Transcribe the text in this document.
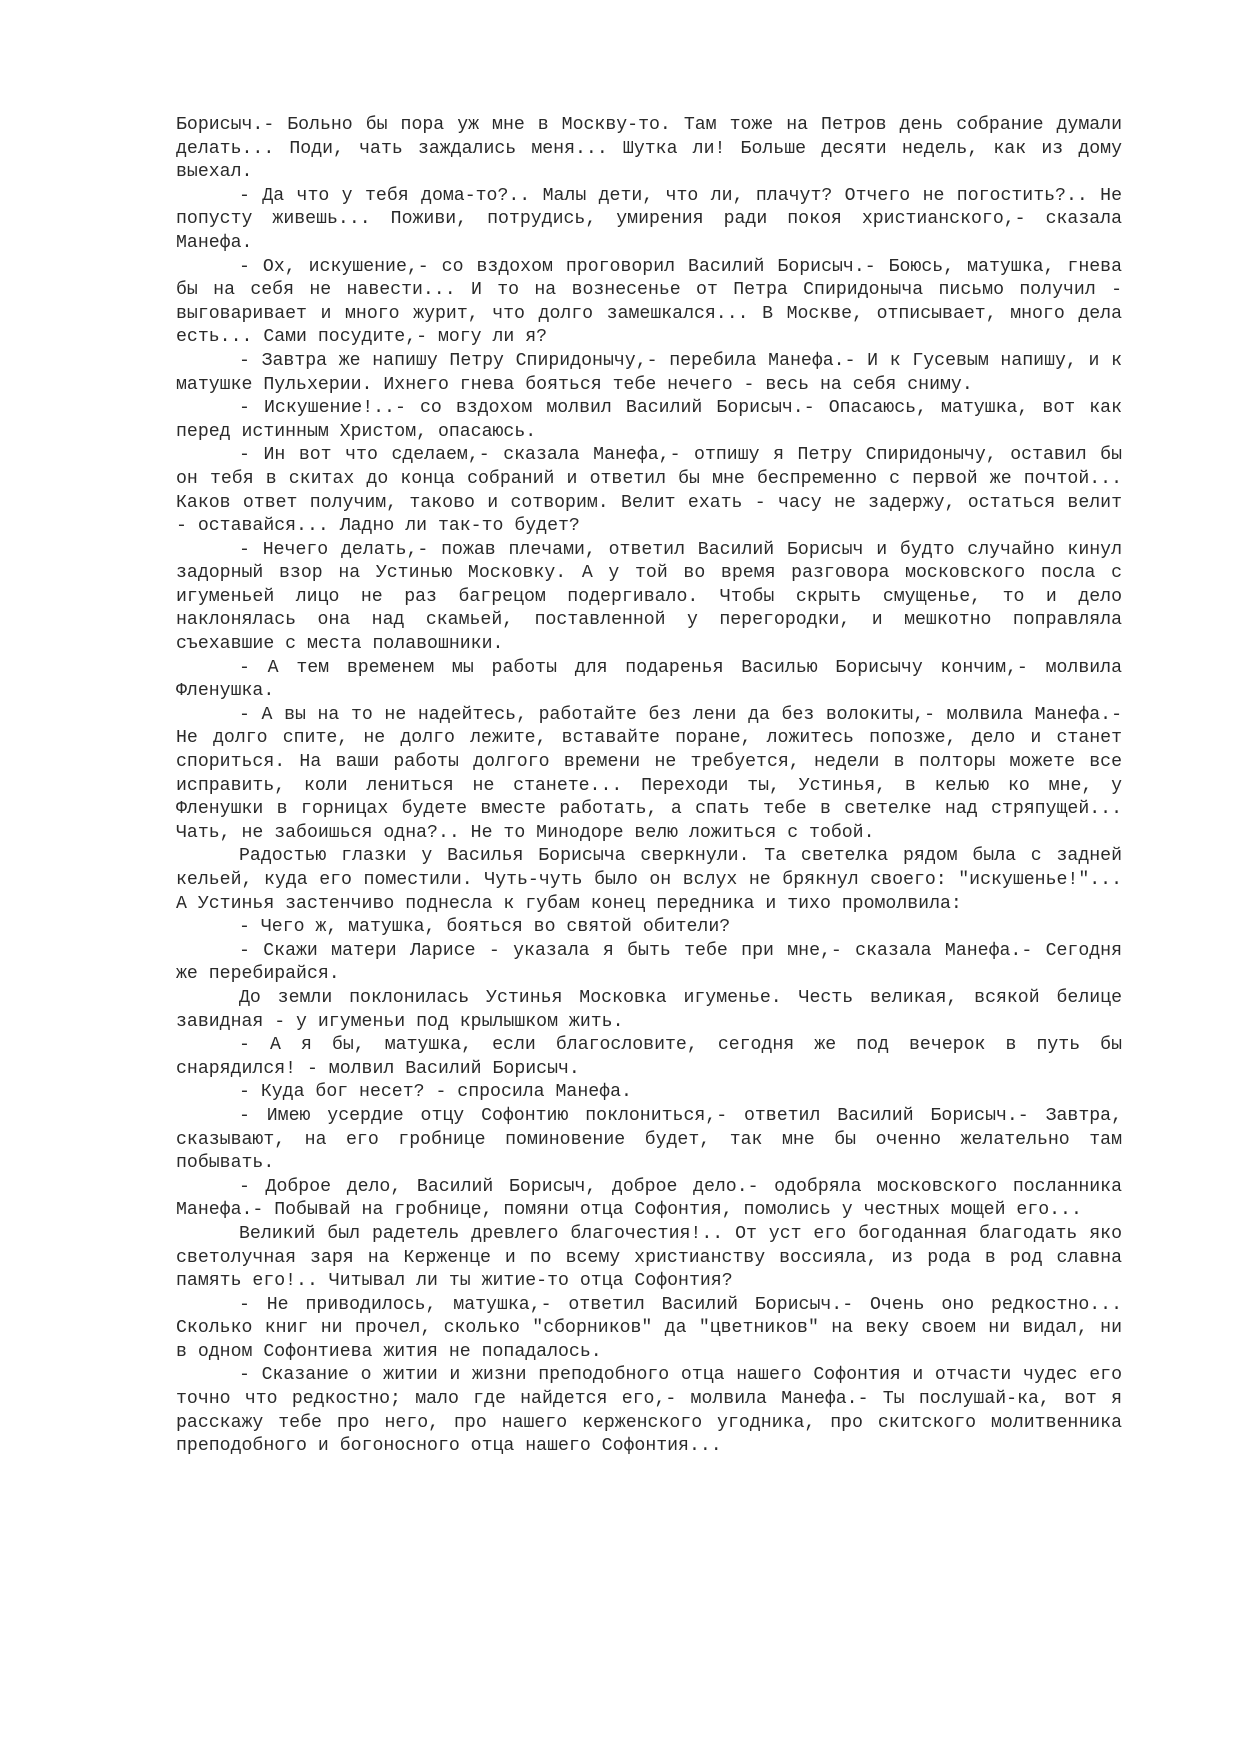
Борисыч.- Больно бы пора уж мне в Москву-то. Там тоже на Петров день собрание думали делать... Поди, чать заждались меня... Шутка ли! Больше десяти недель, как из дому выехал.

- Да что у тебя дома-то?.. Малы дети, что ли, плачут? Отчего не погостить?.. Не попусту живешь... Поживи, потрудись, умирения ради покоя христианского,- сказала Манефа.

- Ох, искушение,- со вздохом проговорил Василий Борисыч.- Боюсь, матушка, гнева бы на себя не навести... И то на вознесенье от Петра Спиридоныча письмо получил - выговаривает и много журит, что долго замешкался... В Москве, отписывает, много дела есть... Сами посудите,- могу ли я?

- Завтра же напишу Петру Спиридонычу,- перебила Манефа.- И к Гусевым напишу, и к матушке Пульхерии. Ихнего гнева бояться тебе нечего - весь на себя сниму.

- Искушение!..- со вздохом молвил Василий Борисыч.- Опасаюсь, матушка, вот как перед истинным Христом, опасаюсь.

- Ин вот что сделаем,- сказала Манефа,- отпишу я Петру Спиридонычу, оставил бы он тебя в скитах до конца собраний и ответил бы мне беспременно с первой же почтой... Каков ответ получим, таково и сотворим. Велит ехать - часу не задержу, остаться велит - оставайся... Ладно ли так-то будет?

- Нечего делать,- пожав плечами, ответил Василий Борисыч и будто случайно кинул задорный взор на Устинью Московку. А у той во время разговора московского посла с игуменьей лицо не раз багрецом подергивало. Чтобы скрыть смущенье, то и дело наклонялась она над скамьей, поставленной у перегородки, и мешкотно поправляла съехавшие с места полавошники.

- А тем временем мы работы для подаренья Василью Борисычу кончим,- молвила Фленушка.

- А вы на то не надейтесь, работайте без лени да без волокиты,- молвила Манефа.- Не долго спите, не долго лежите, вставайте поране, ложитесь попозже, дело и станет спориться. На ваши работы долгого времени не требуется, недели в полторы можете все исправить, коли лениться не станете... Переходи ты, Устинья, в келью ко мне, у Фленушки в горницах будете вместе работать, а спать тебе в светелке над стряпущей... Чать, не забоишься одна?.. Не то Минодоре велю ложиться с тобой.

Радостью глазки у Василья Борисыча сверкнули. Та светелка рядом была с задней кельей, куда его поместили. Чуть-чуть было он вслух не брякнул своего: "искушенье!"... А Устинья застенчиво поднесла к губам конец передника и тихо промолвила:

- Чего ж, матушка, бояться во святой обители?

- Скажи матери Ларисе - указала я быть тебе при мне,- сказала Манефа.- Сегодня же перебирайся.

До земли поклонилась Устинья Московка игуменье. Честь великая, всякой белице завидная - у игуменьи под крылышком жить.

- А я бы, матушка, если благословите, сегодня же под вечерок в путь бы снарядился! - молвил Василий Борисыч.

- Куда бог несет? - спросила Манефа.

- Имею усердие отцу Софонтию поклониться,- ответил Василий Борисыч.- Завтра, сказывают, на его гробнице поминовение будет, так мне бы оченно желательно там побывать.

- Доброе дело, Василий Борисыч, доброе дело.- одобряла московского посланника Манефа.- Побывай на гробнице, помяни отца Софонтия, помолись у честных мощей его...

Великий был радетель древлего благочестия!.. От уст его богоданная благодать яко светолучная заря на Керженце и по всему христианству воссияла, из рода в род славна память его!.. Читывал ли ты житие-то отца Софонтия?

- Не приводилось, матушка,- ответил Василий Борисыч.- Очень оно редкостно... Сколько книг ни прочел, сколько "сборников" да "цветников" на веку своем ни видал, ни в одном Софонтиева жития не попадалось.

- Сказание о житии и жизни преподобного отца нашего Софонтия и отчасти чудес его точно что редкостно; мало где найдется его,- молвила Манефа.- Ты послушай-ка, вот я расскажу тебе про него, про нашего керженского угодника, про скитского молитвенника преподобного и богоносного отца нашего Софонтия...
